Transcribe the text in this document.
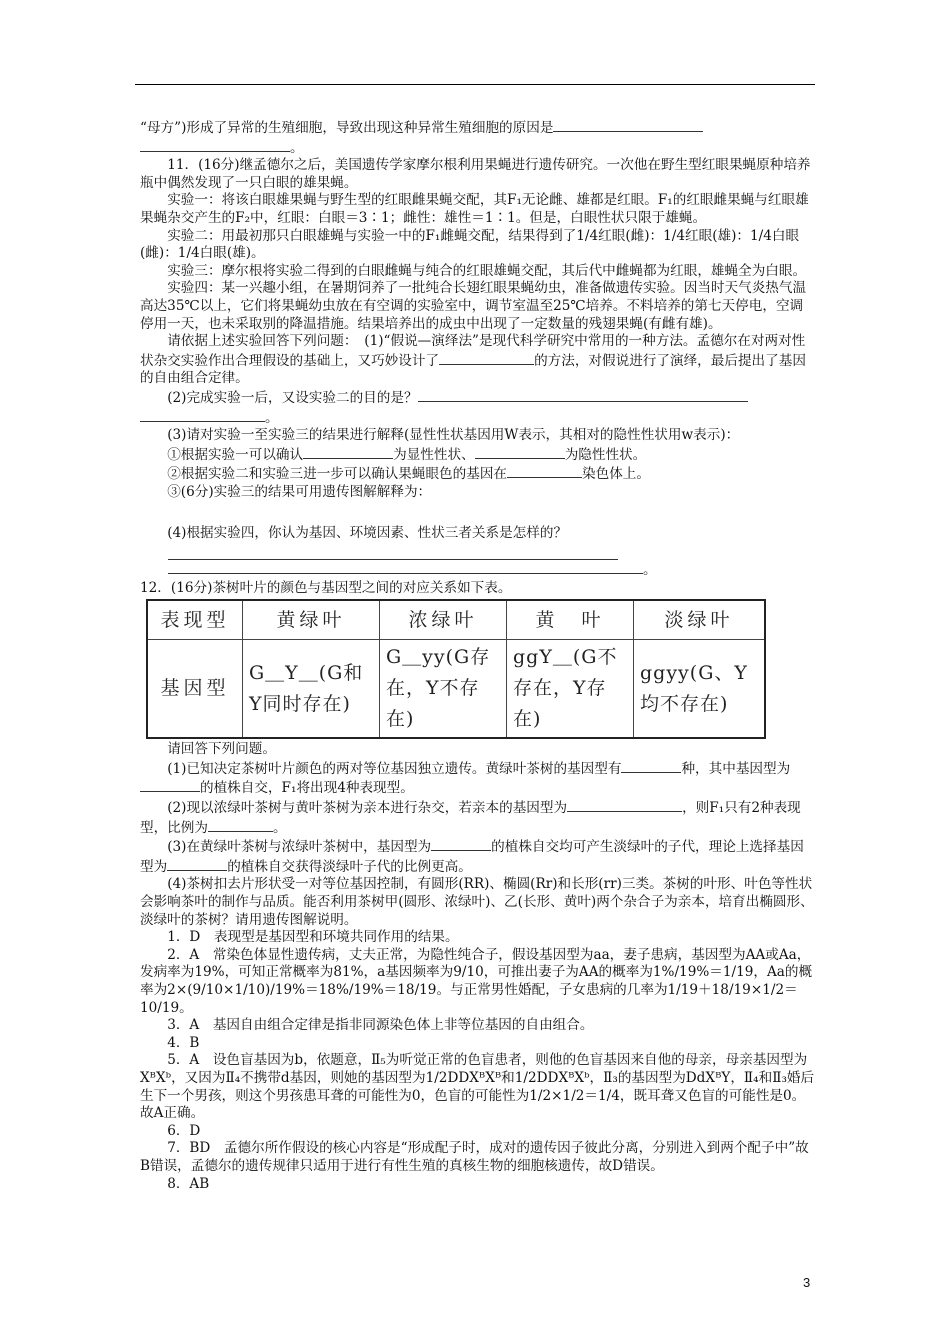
“母方”)形成了异常的生殖细胞，导致出现这种异常生殖细胞的原因是

。

11．(16分)继孟德尔之后，美国遗传学家摩尔根利用果蝇进行遗传研究。一次他在野生型红眼果蝇原种培养瓶中偶然发现了一只白眼的雄果蝇。

实验一：将该白眼雄果蝇与野生型的红眼雌果蝇交配，其F₁无论雌、雄都是红眼。F₁的红眼雌果蝇与红眼雄果蝇杂交产生的F₂中，红眼：白眼＝3∶1；雌性：雄性＝1∶1。但是，白眼性状只限于雄蝇。

实验二：用最初那只白眼雄蝇与实验一中的F₁雌蝇交配，结果得到了1/4红眼(雌)：1/4红眼(雄)：1/4白眼(雌)：1/4白眼(雄)。

实验三：摩尔根将实验二得到的白眼雌蝇与纯合的红眼雄蝇交配，其后代中雌蝇都为红眼，雄蝇全为白眼。

实验四：某一兴趣小组，在暑期饲养了一批纯合长翅红眼果蝇幼虫，准备做遗传实验。因当时天气炎热气温高达35℃以上，它们将果蝇幼虫放在有空调的实验室中，调节室温至25℃培养。不料培养的第七天停电，空调停用一天，也未采取别的降温措施。结果培养出的成虫中出现了一定数量的残翅果蝇(有雌有雄)。

请依据上述实验回答下列问题：　(1)“假说—演绎法”是现代科学研究中常用的一种方法。孟德尔在对两对性状杂交实验作出合理假设的基础上，又巧妙设计了	的方法，对假说进行了演绎，最后提出了基因的自由组合定律。

(2)完成实验一后，又设实验二的目的是？

。

(3)请对实验一至实验三的结果进行解释(显性性状基因用W表示，其相对的隐性性状用w表示)：

①根据实验一可以确认	为显性性状、	为隐性性状。

②根据实验二和实验三进一步可以确认果蝇眼色的基因在	染色体上。

③(6分)实验三的结果可用遗传图解解释为：

(4)根据实验四，你认为基因、环境因素、性状三者关系是怎样的？

。

12．(16分)茶树叶片的颜色与基因型之间的对应关系如下表。

表现型	黄绿叶	浓绿叶	黄　叶	淡绿叶
基因型	G＿Y＿(G和Y同时存在)	G＿yy(G存在，Y不存在)	ggY＿(G不存在，Y存在)	ggyy(G、Y均不存在)

请回答下列问题。

(1)已知决定茶树叶片颜色的两对等位基因独立遗传。黄绿叶茶树的基因型有	种，其中基因型为的植株自交，F₁将出现4种表现型。

(2)现以浓绿叶茶树与黄叶茶树为亲本进行杂交，若亲本的基因型为	，则F₁只有2种表现型，比例为	。

(3)在黄绿叶茶树与浓绿叶茶树中，基因型为	的植株自交均可产生淡绿叶的子代，理论上选择基因型为	的植株自交获得淡绿叶子代的比例更高。

(4)茶树扣去片形状受一对等位基因控制，有圆形(RR)、椭圆(Rr)和长形(rr)三类。茶树的叶形、叶色等性状会影响茶叶的制作与品质。能否利用茶树甲(圆形、浓绿叶)、乙(长形、黄叶)两个杂合子为亲本，培育出椭圆形、淡绿叶的茶树？请用遗传图解说明。

1．D　表现型是基因型和环境共同作用的结果。

2．A　常染色体显性遗传病，丈夫正常，为隐性纯合子，假设基因型为aa，妻子患病，基因型为AA或Aa，发病率为19%，可知正常概率为81%，a基因频率为9/10，可推出妻子为AA的概率为1%/19%＝1/19，Aa的概率为2×(9/10×1/10)/19%＝18%/19%＝18/19。与正常男性婚配，子女患病的几率为1/19＋18/19×1/2＝10/19。

3．A　基因自由组合定律是指非同源染色体上非等位基因的自由组合。

4．B

5．A　设色盲基因为b，依题意，Ⅱ₅为听觉正常的色盲患者，则他的色盲基因来自他的母亲，母亲基因型为XᴮXᵇ，又因为Ⅱ₄不携带d基因，则她的基因型为1/2DDXᴮXᴮ和1/2DDXᴮXᵇ，Ⅱ₃的基因型为DdXᴮY，Ⅱ₄和Ⅱ₃婚后生下一个男孩，则这个男孩患耳聋的可能性为0，色盲的可能性为1/2×1/2＝1/4，既耳聋又色盲的可能性是0。故A正确。

6．D

7．BD　孟德尔所作假设的核心内容是“形成配子时，成对的遗传因子彼此分离，分别进入到两个配子中”故B错误，孟德尔的遗传规律只适用于进行有性生殖的真核生物的细胞核遗传，故D错误。

8．AB

3
